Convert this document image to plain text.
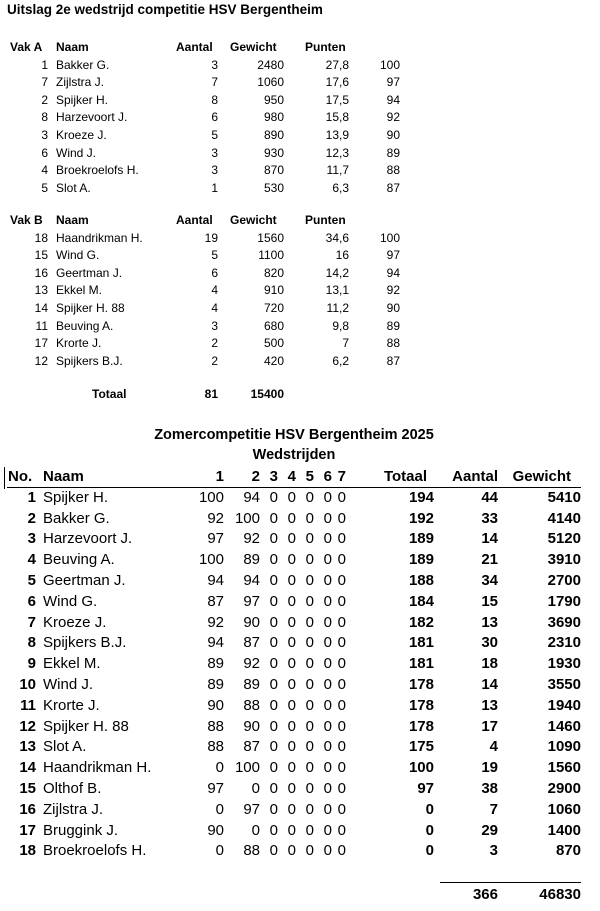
Uitslag 2e wedstrijd competitie HSV Bergentheim
Vak A Naam	Aantal Gewicht Punten
1 Bakker G.	3	2480	27,8	100
7 Zijlstra J.	7	1060	17,6	97
2 Spijker H.	8	950	17,5	94
8 Harzevoort J.	6	980	15,8	92
3 Kroeze J.	5	890	13,9	90
6 Wind J.	3	930	12,3	89
4 Broekroelofs H.	3	870	11,7	88
5 Slot A.	1	530	6,3	87
Vak B Naam	Aantal Gewicht Punten
18 Haandrikman H.	19	1560	34,6	100
15 Wind G.	5	1100	16	97
16 Geertman J.	6	820	14,2	94
13 Ekkel M.	4	910	13,1	92
14 Spijker H. 88	4	720	11,2	90
11 Beuving A.	3	680	9,8	89
17 Krorte J.	2	500	7	88
12 Spijkers B.J.	2	420	6,2	87
Totaal	81	15400
Zomercompetitie HSV Bergentheim 2025
Wedstrijden
No. Naam	1	2 3 4 5 6 7	Totaal	Aantal Gewicht
1 Spijker H.	100	94 0 0 0 0 0	194	44	5410
2 Bakker G.	92 100 0 0 0 0 0	192	33	4140
3 Harzevoort J.	97	92 0 0 0 0 0	189	14	5120
4 Beuving A.	100	89 0 0 0 0 0	189	21	3910
5 Geertman J.	94	94 0 0 0 0 0	188	34	2700
6 Wind G.	87	97 0 0 0 0 0	184	15	1790
7 Kroeze J.	92	90 0 0 0 0 0	182	13	3690
8 Spijkers B.J.	94	87 0 0 0 0 0	181	30	2310
9 Ekkel M.	89	92 0 0 0 0 0	181	18	1930
10 Wind J.	89	89 0 0 0 0 0	178	14	3550
11 Krorte J.	90	88 0 0 0 0 0	178	13	1940
12 Spijker H. 88	88	90 0 0 0 0 0	178	17	1460
13 Slot A.	88	87 0 0 0 0 0	175	4	1090
14 Haandrikman H.	0 100 0 0 0 0 0	100	19	1560
15 Olthof B.	97	0 0 0 0 0 0	97	38	2900
16 Zijlstra J.	0	97 0 0 0 0 0	0	7	1060
17 Bruggink J.	90	0 0 0 0 0 0	0	29	1400
18 Broekroelofs H.	0	88 0 0 0 0 0	0	3	870
366	46830
